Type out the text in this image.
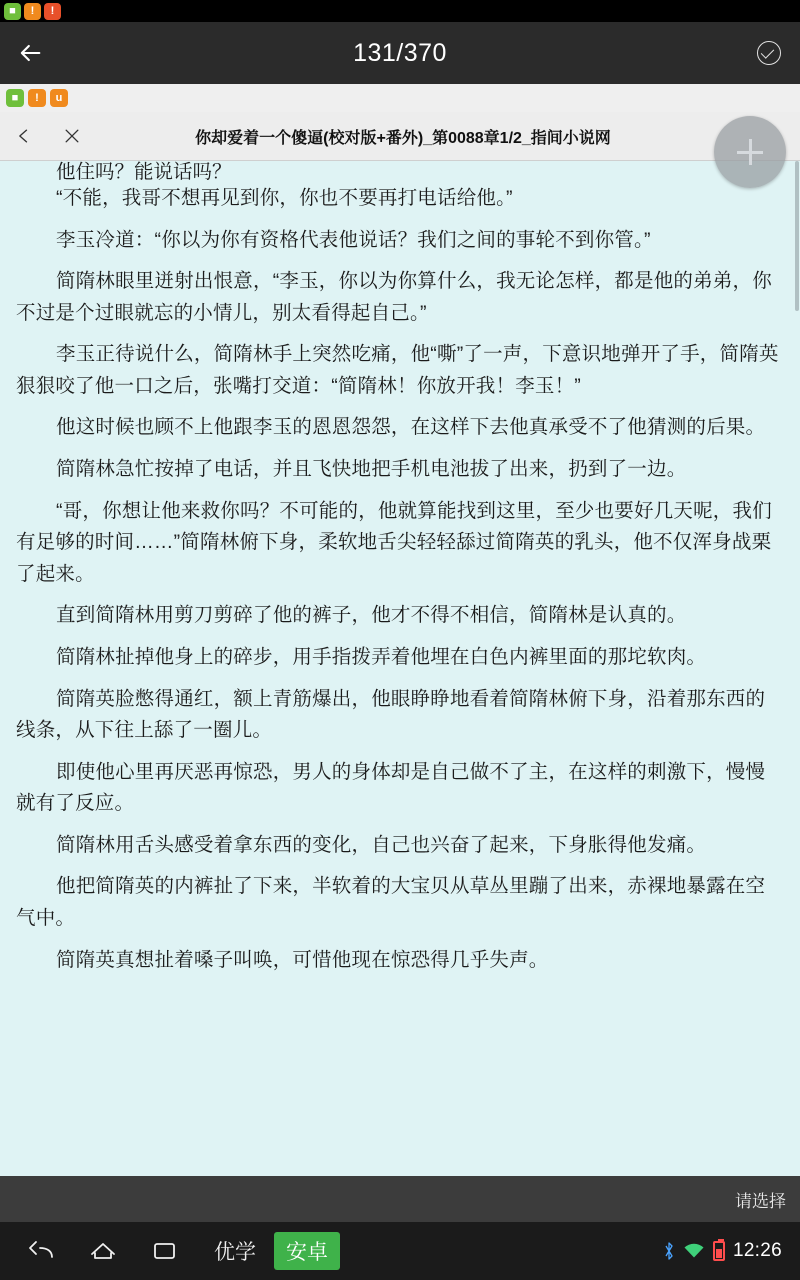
■	!	!
131/370
■	!	u
你却爱着一个傻逼(校对版+番外)_第0088章1/2_指间小说网
他住吗？能说话吗？

“不能，我哥不想再见到你，你也不要再打电话给他。”

李玉冷道：“你以为你有资格代表他说话？我们之间的事轮不到你管。”

简隋林眼里迸射出恨意，“李玉，你以为你算什么，我无论怎样，都是他的弟弟，你不过是个过眼就忘的小情儿，别太看得起自己。”

李玉正待说什么，简隋林手上突然吃痛，他“嘶”了一声，下意识地弹开了手，简隋英狠狠咬了他一口之后，张嘴打交道：“简隋林！你放开我！李玉！”

他这时候也顾不上他跟李玉的恩恩怨怨，在这样下去他真承受不了他猜测的后果。

简隋林急忙按掉了电话，并且飞快地把手机电池拔了出来，扔到了一边。

“哥，你想让他来救你吗？不可能的，他就算能找到这里，至少也要好几天呢，我们有足够的时间……”简隋林俯下身，柔软地舌尖轻轻舔过简隋英的乳头，他不仅浑身战栗了起来。

直到简隋林用剪刀剪碎了他的裤子，他才不得不相信，简隋林是认真的。

简隋林扯掉他身上的碎步，用手指拨弄着他埋在白色内裤里面的那坨软肉。

简隋英脸憋得通红，额上青筋爆出，他眼睁睁地看着简隋林俯下身，沿着那东西的线条，从下往上舔了一圈儿。

即使他心里再厌恶再惊恐，男人的身体却是自己做不了主，在这样的刺激下，慢慢就有了反应。

简隋林用舌头感受着拿东西的变化，自己也兴奋了起来，下身胀得他发痛。

他把简隋英的内裤扯了下来，半软着的大宝贝从草丛里蹦了出来，赤裸地暴露在空气中。

简隋英真想扯着嗓子叫唤，可惜他现在惊恐得几乎失声。

请选择
优学	安卓	12:26
